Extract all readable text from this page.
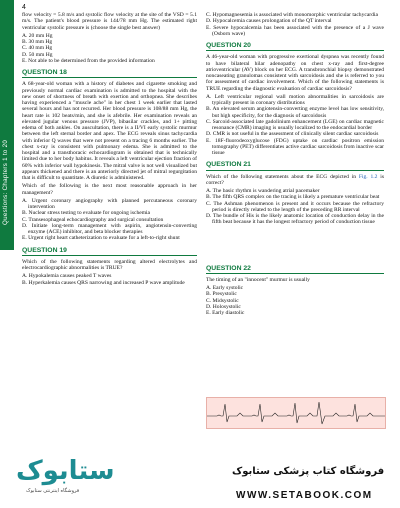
Questions: Chapters 1 to 20
4

flow velocity = 5.8 m/s and systolic flow velocity at the site of the VSD = 5.1 m/s. The patient's blood pressure is 144/78 mm Hg. The estimated right ventricular systolic pressure is (choose the single best answer)

A. 20 mm Hg

B. 30 mm Hg

C. 40 mm Hg

D. 50 mm Hg

E. Not able to be determined from the provided information

QUESTION 18

A 68-year-old woman with a history of diabetes and cigarette smoking and previously normal cardiac examination is admitted to the hospital with the new onset of shortness of breath with exertion and orthopnea. She describes having experienced a "muscle ache" in her chest 1 week earlier that lasted several hours and has not recurred. Her blood pressure is 108/88 mm Hg, the heart rate is 102 beats/min, and she is afebrile. Her examination reveals an elevated jugular venous pressure (JVP), bibasilar crackles, and 1+ pitting edema of both ankles. On auscultation, there is a II/VI early systolic murmur between the left sternal border and apex. The ECG reveals sinus tachycardia with inferior Q waves that were not present on a tracing 6 months earlier. The chest x-ray is consistent with pulmonary edema. She is admitted to the hospital and a transthoracic echocardiogram is obtained that is technically limited due to her body habitus. It reveals a left ventricular ejection fraction of 60% with inferior wall hypokinesis. The mitral valve is not well visualized but appears thickened and there is an anteriorly directed jet of mitral regurgitation that is difficult to quantitate. A diuretic is administered.

Which of the following is the next most reasonable approach in her management?

A. Urgent coronary angiography with planned percutaneous coronary intervention

B. Nuclear stress testing to evaluate for ongoing ischemia

C. Transesophageal echocardiography and surgical consultation

D. Initiate long-term management with aspirin, angiotensin-converting enzyme (ACE) inhibitor, and beta blocker therapies

E. Urgent right heart catheterization to evaluate for a left-to-right shunt

QUESTION 19

Which of the following statements regarding altered electrolytes and electrocardiographic abnormalities is TRUE?

A. Hypokalemia causes peaked T waves

B. Hyperkalemia causes QRS narrowing and increased P wave amplitude

C. Hypomagnesemia is associated with monomorphic ventricular tachycardia

D. Hypocalcemia causes prolongation of the QT interval

E. Severe hypocalcemia has been associated with the presence of a J wave (Osborn wave)

QUESTION 20

A 46-year-old woman with progressive exertional dyspnea was recently found to have bilateral hilar adenopathy on chest x-ray and first-degree atrioventricular (AV) block on her ECG. A transbronchial biopsy demonstrated noncaseating granulomas consistent with sarcoidosis and she is referred to you for assessment of cardiac involvement. Which of the following statements is TRUE regarding the diagnostic evaluation of cardiac sarcoidosis?

A. Left ventricular regional wall motion abnormalities in sarcoidosis are typically present in coronary distributions

B. An elevated serum angiotensin-converting enzyme level has low sensitivity, but high specificity, for the diagnosis of sarcoidosis

C. Sarcoid-associated late gadolinium enhancement (LGE) on cardiac magnetic resonance (CMR) imaging is usually localized to the endocardial border

D. CMR is not useful in the assessment of clinically silent cardiac sarcoidosis

E. 18F-fluorodeoxyglucose (FDG) uptake on cardiac positron emission tomography (PET) differentiates active cardiac sarcoidosis from inactive scar tissue

QUESTION 21

Which of the following statements about the ECG depicted in Fig. 1.2 is correct?

A. The basic rhythm is wandering atrial pacemaker

B. The fifth QRS complex on the tracing is likely a premature ventricular beat

C. The Ashman phenomenon is present and it occurs because the refractory period is directly related to the length of the preceding RR interval

D. The bundle of His is the likely anatomic location of conduction delay in the fifth beat because it has the longest refractory period of conduction tissue

QUESTION 22

The timing of an "innocent" murmur is usually

A. Early systolic

B. Presystolic

C. Midsystolic

D. Holosystolic

E. Early diastolic

ستابوک
فروشگاه اینترنتی ستابوک
فروشگاه کتاب پزشکی ستابوک
WWW.SETABOOK.COM
